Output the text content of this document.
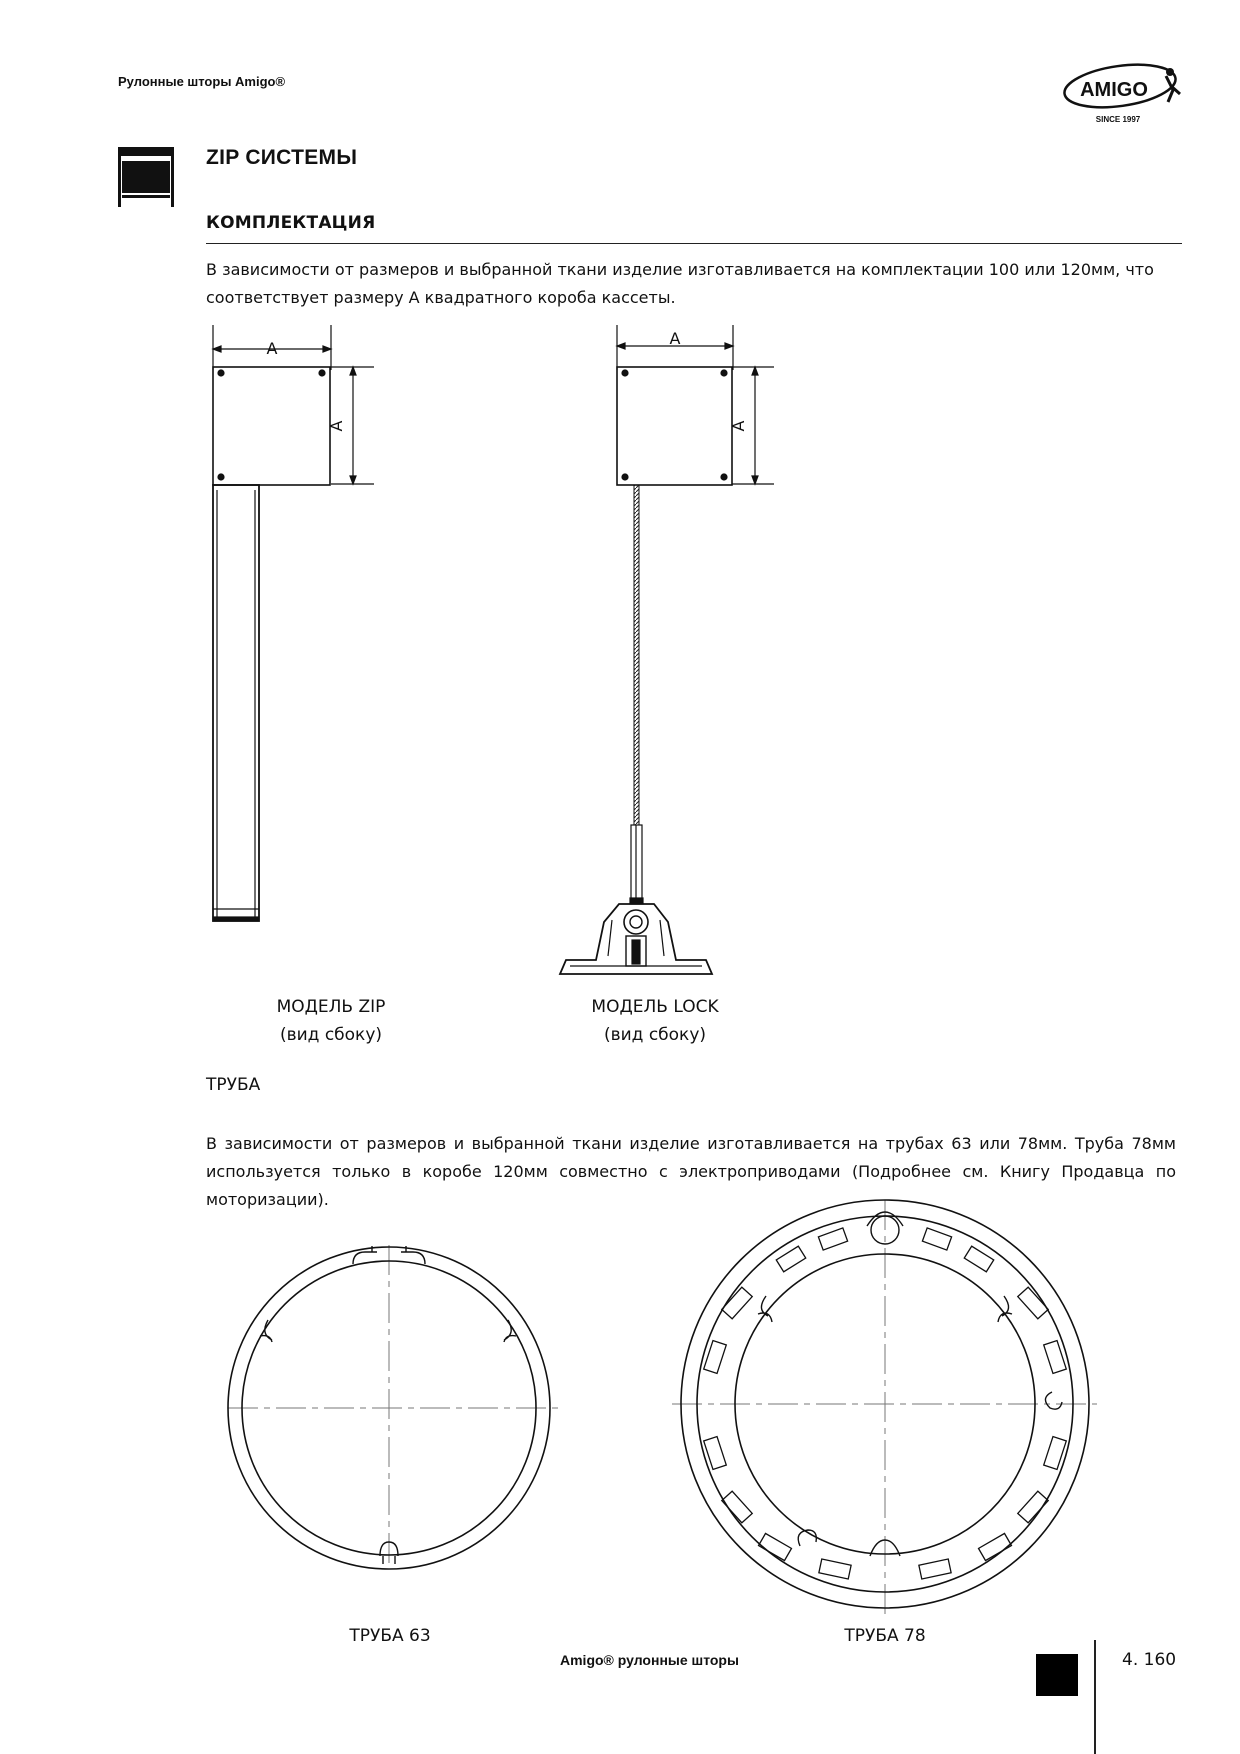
Рулонные шторы Amigo®	AMIGO
SINCE 1997
ZIP СИСТЕМЫ
КОМПЛЕКТАЦИЯ
В зависимости от размеров и выбранной ткани изделие изготавливается на комплектации 100 или 120мм, что соответствует размеру А квадратного короба кассеты.
A
A
A
A
МОДЕЛЬ ZIP
(вид сбоку)
МОДЕЛЬ LOCK
(вид сбоку)
ТРУБА
В зависимости от размеров и выбранной ткани изделие изготавливается на трубах 63 или 78мм. Труба 78мм используется только в коробе 120мм совместно с электроприводами (Подробнее см. Книгу Продавца по моторизации).
ТРУБА 63	ТРУБА 78
Amigo® рулонные шторы	4. 160
